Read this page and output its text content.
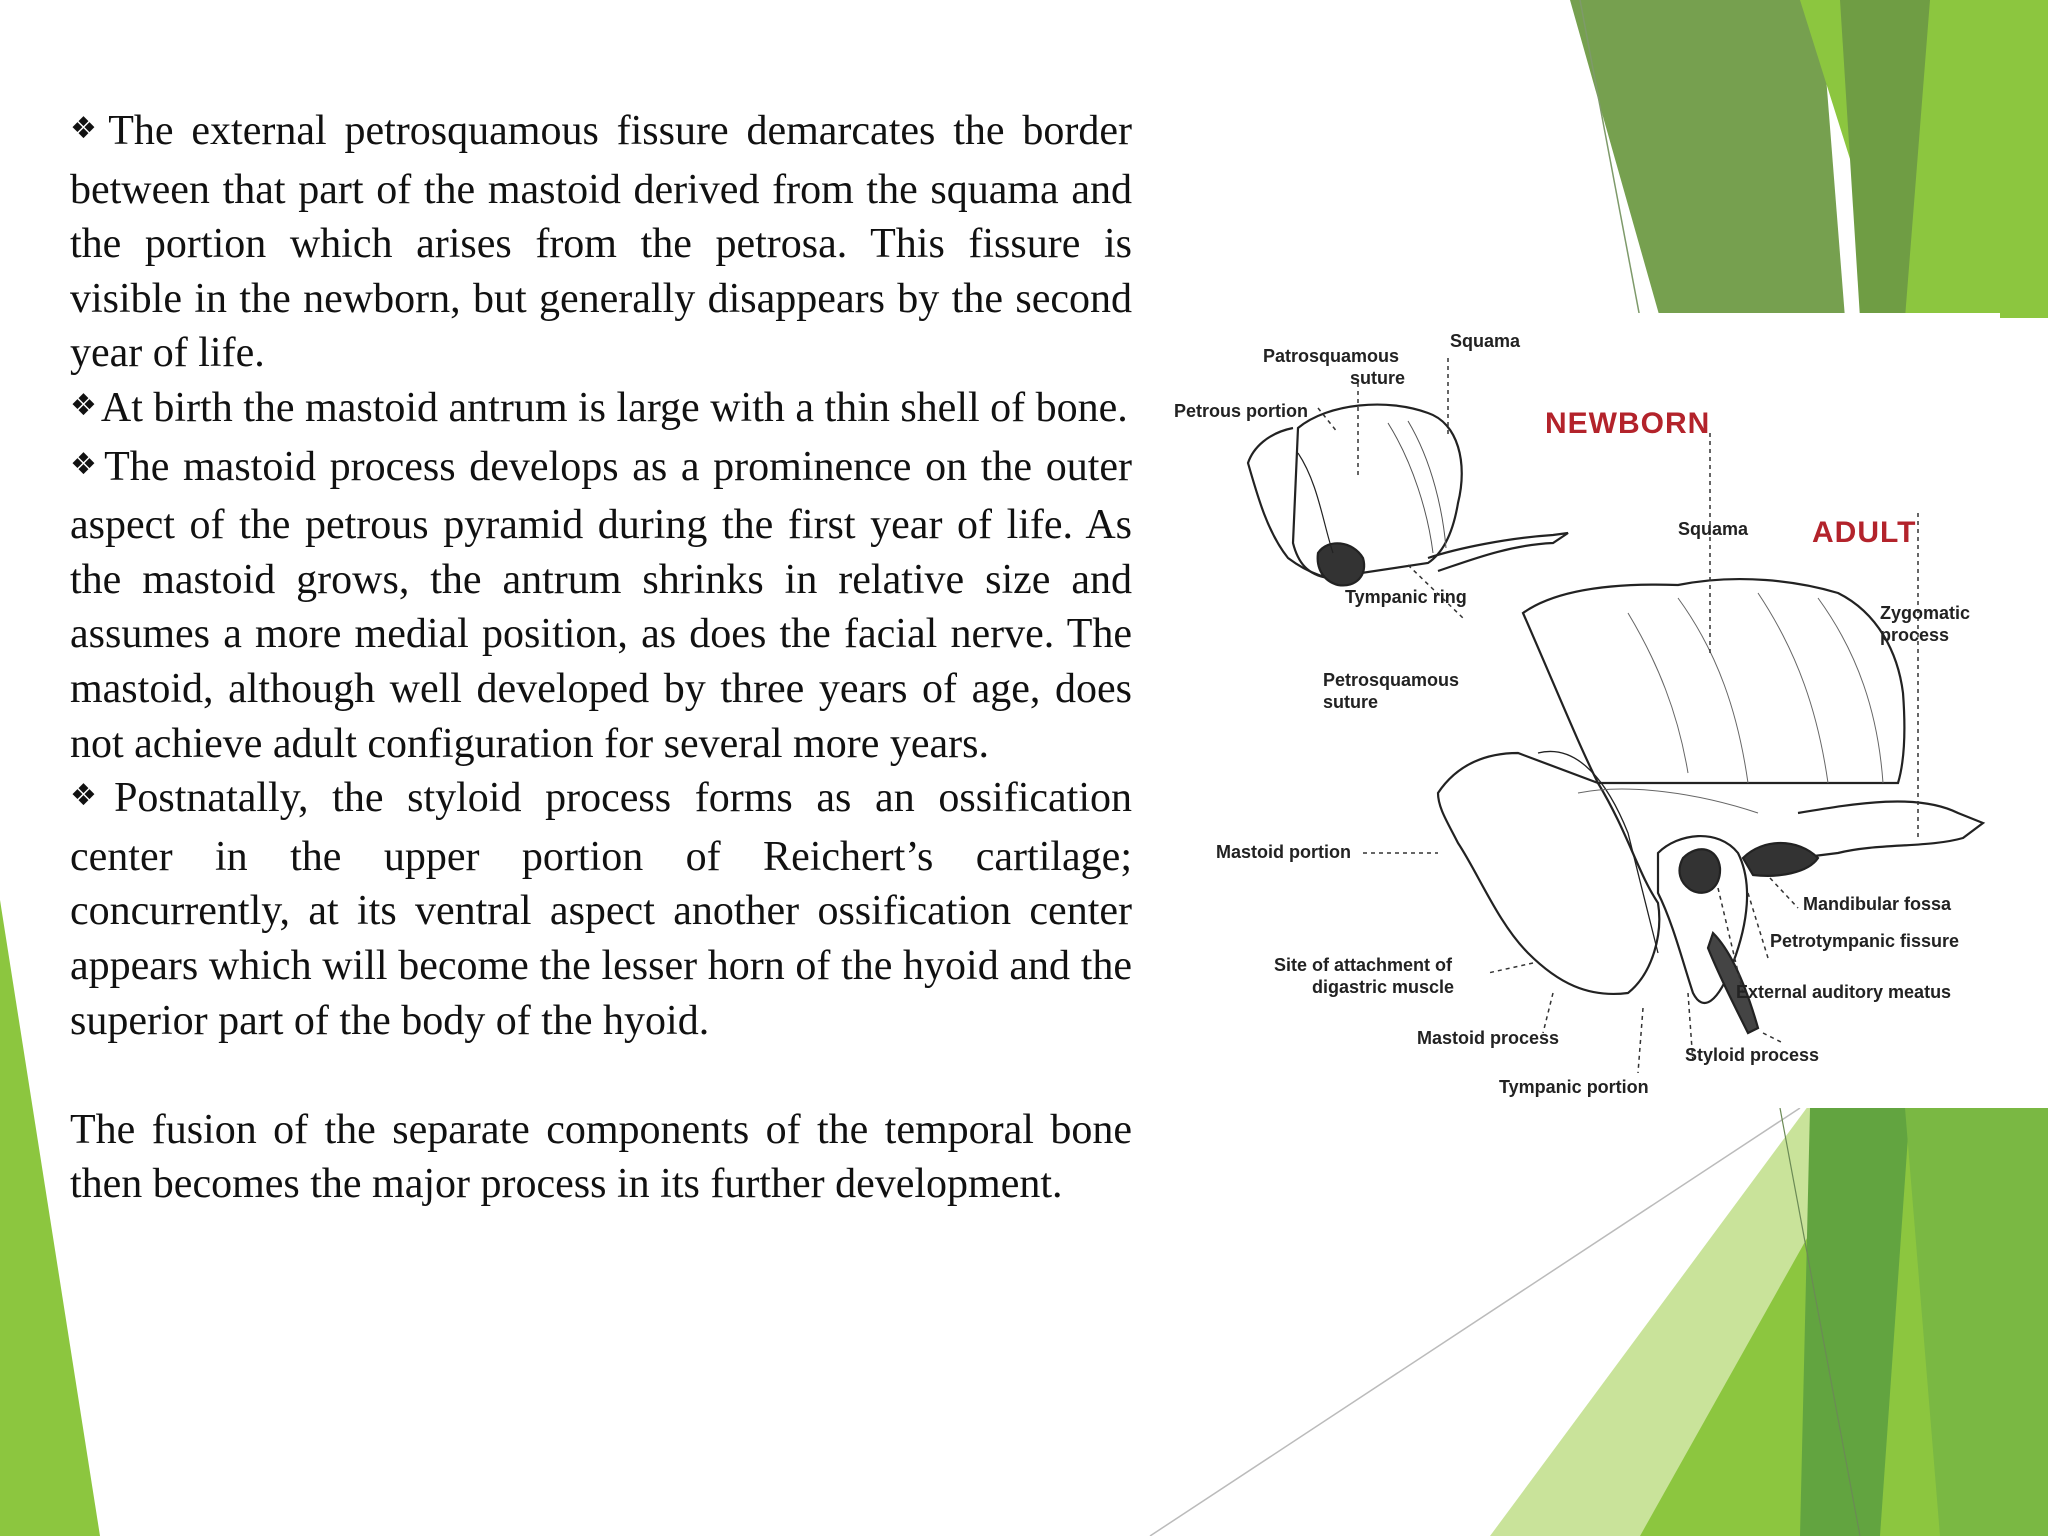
❖The external petrosquamous fissure demarcates the border between that part of the mastoid derived from the squama and the portion which arises from the petrosa. This fissure is visible in the newborn, but generally disappears by the second year of life.

❖At birth the mastoid antrum is large with a thin shell of bone.

❖The mastoid process develops as a prominence on the outer aspect of the petrous pyramid during the first year of life. As the mastoid grows, the antrum shrinks in relative size and assumes a more medial position, as does the facial nerve. The mastoid, although well developed by three years of age, does not achieve adult configuration for several more years.

❖Postnatally, the styloid process forms as an ossification center in the upper portion of Reichert’s cartilage; concurrently, at its ventral aspect another ossification center appears which will become the lesser horn of the hyoid and the superior part of the body of the hyoid.

The fusion of the separate components of the temporal bone then becomes the major process in its further development.

NEWBORN
Squama
Patrosquamous
suture
Petrous portion
Tympanic ring
ADULT
Squama
Zygomatic
process
Petrosquamous
suture
Mastoid portion
Mandibular fossa
Petrotympanic fissure
Site of attachment of
digastric muscle	External auditory meatus
Mastoid process
Styloid process
Tympanic portion
